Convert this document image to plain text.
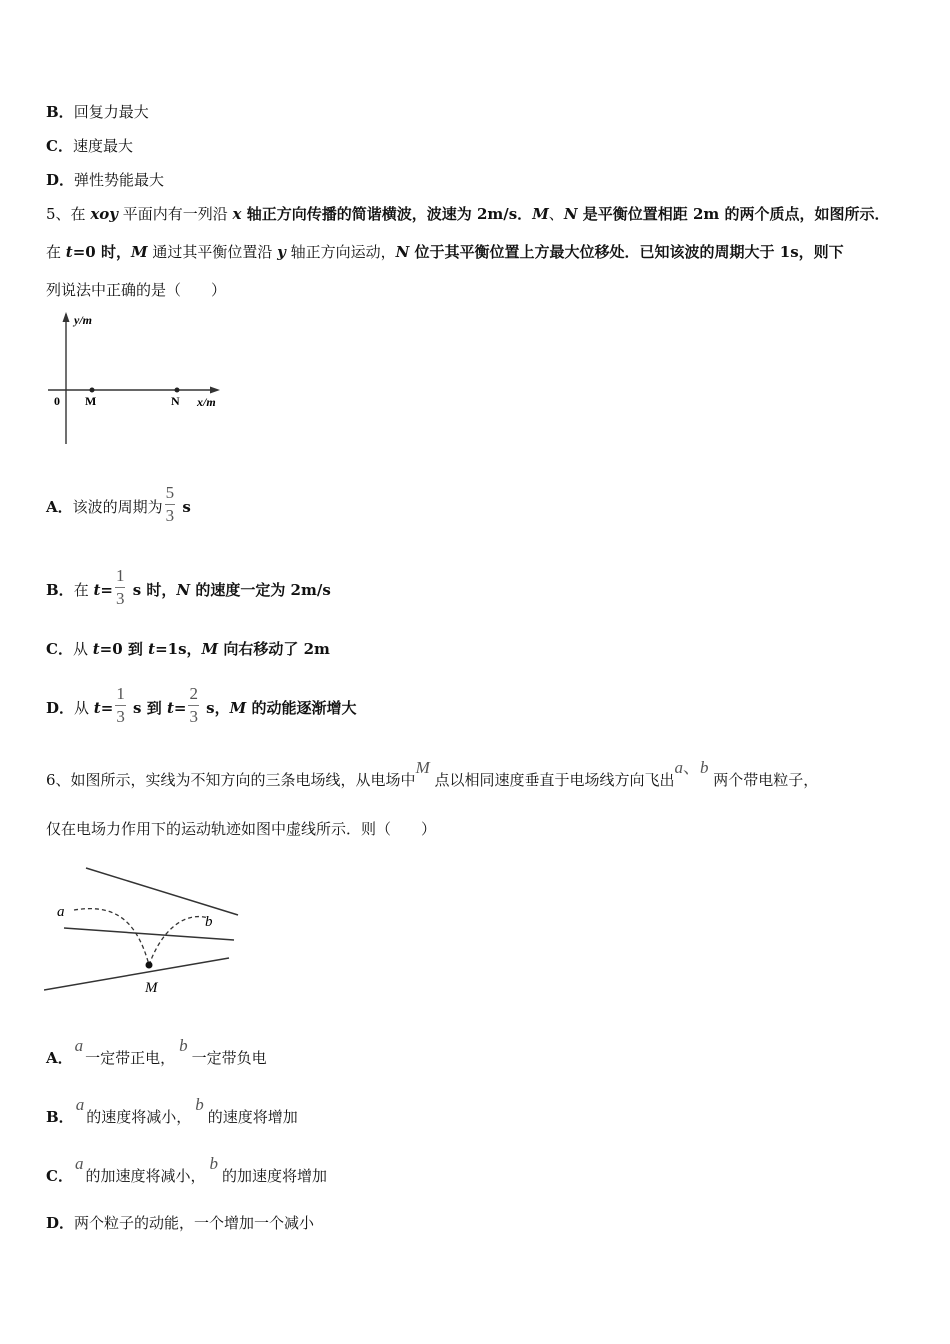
B．回复力最大
C．速度最大
D．弹性势能最大
5、在 xoy 平面内有一列沿 x 轴正方向传播的简谐横波，波速为 2m/s．M、N 是平衡位置相距 2m 的两个质点，如图所示．
在 t=0 时，M 通过其平衡位置沿 y 轴正方向运动，N 位于其平衡位置上方最大位移处．已知该波的周期大于 1s，则下
列说法中正确的是（　　）
y/m
0 M	N x/m
A．该波的周期为 $\frac{5}{3}$ s
B．在 $t= \frac{1}{3}$ s 时，N 的速度一定为 2m/s
C．从 t=0 到 t=1s，M 向右移动了 2m
D．从 $t= \frac{1}{3}$ s 到 $t= \frac{2}{3}$ s，M 的动能逐渐增大
6、如图所示，实线为不知方向的三条电场线，从电场中M 点以相同速度垂直于电场线方向飞出a、b 两个带电粒子，
仅在电场力作用下的运动轨迹如图中虚线所示．则（　　）
a
b
M
A．a一定带正电，b一定带负电
B．a的速度将减小，b的速度将增加
C．a的加速度将减小，b的加速度将增加
D．两个粒子的动能，一个增加一个减小
